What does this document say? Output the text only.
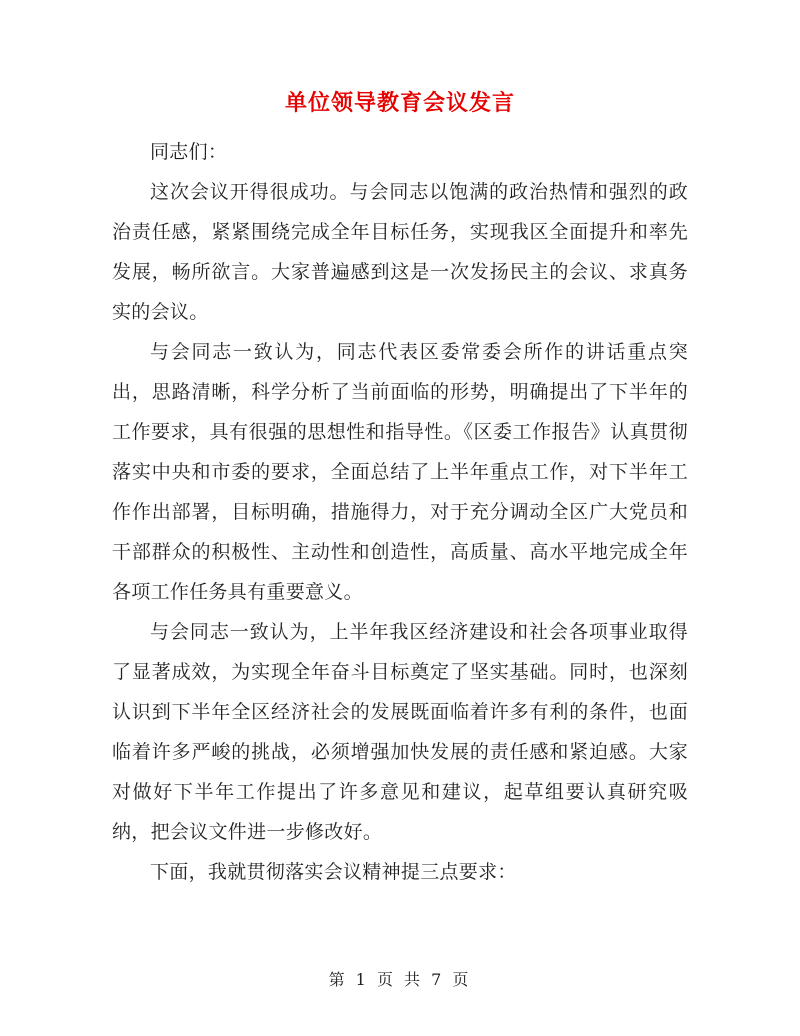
单位领导教育会议发言

同志们：

这次会议开得很成功。与会同志以饱满的政治热情和强烈的政治责任感，紧紧围绕完成全年目标任务，实现我区全面提升和率先发展，畅所欲言。大家普遍感到这是一次发扬民主的会议、求真务实的会议。

与会同志一致认为，同志代表区委常委会所作的讲话重点突出，思路清晰，科学分析了当前面临的形势，明确提出了下半年的工作要求，具有很强的思想性和指导性。《区委工作报告》认真贯彻落实中央和市委的要求，全面总结了上半年重点工作，对下半年工作作出部署，目标明确，措施得力，对于充分调动全区广大党员和干部群众的积极性、主动性和创造性，高质量、高水平地完成全年各项工作任务具有重要意义。

与会同志一致认为，上半年我区经济建设和社会各项事业取得了显著成效，为实现全年奋斗目标奠定了坚实基础。同时，也深刻认识到下半年全区经济社会的发展既面临着许多有利的条件，也面临着许多严峻的挑战，必须增强加快发展的责任感和紧迫感。大家对做好下半年工作提出了许多意见和建议，起草组要认真研究吸纳，把会议文件进一步修改好。

下面，我就贯彻落实会议精神提三点要求：

第 1 页 共 7 页
